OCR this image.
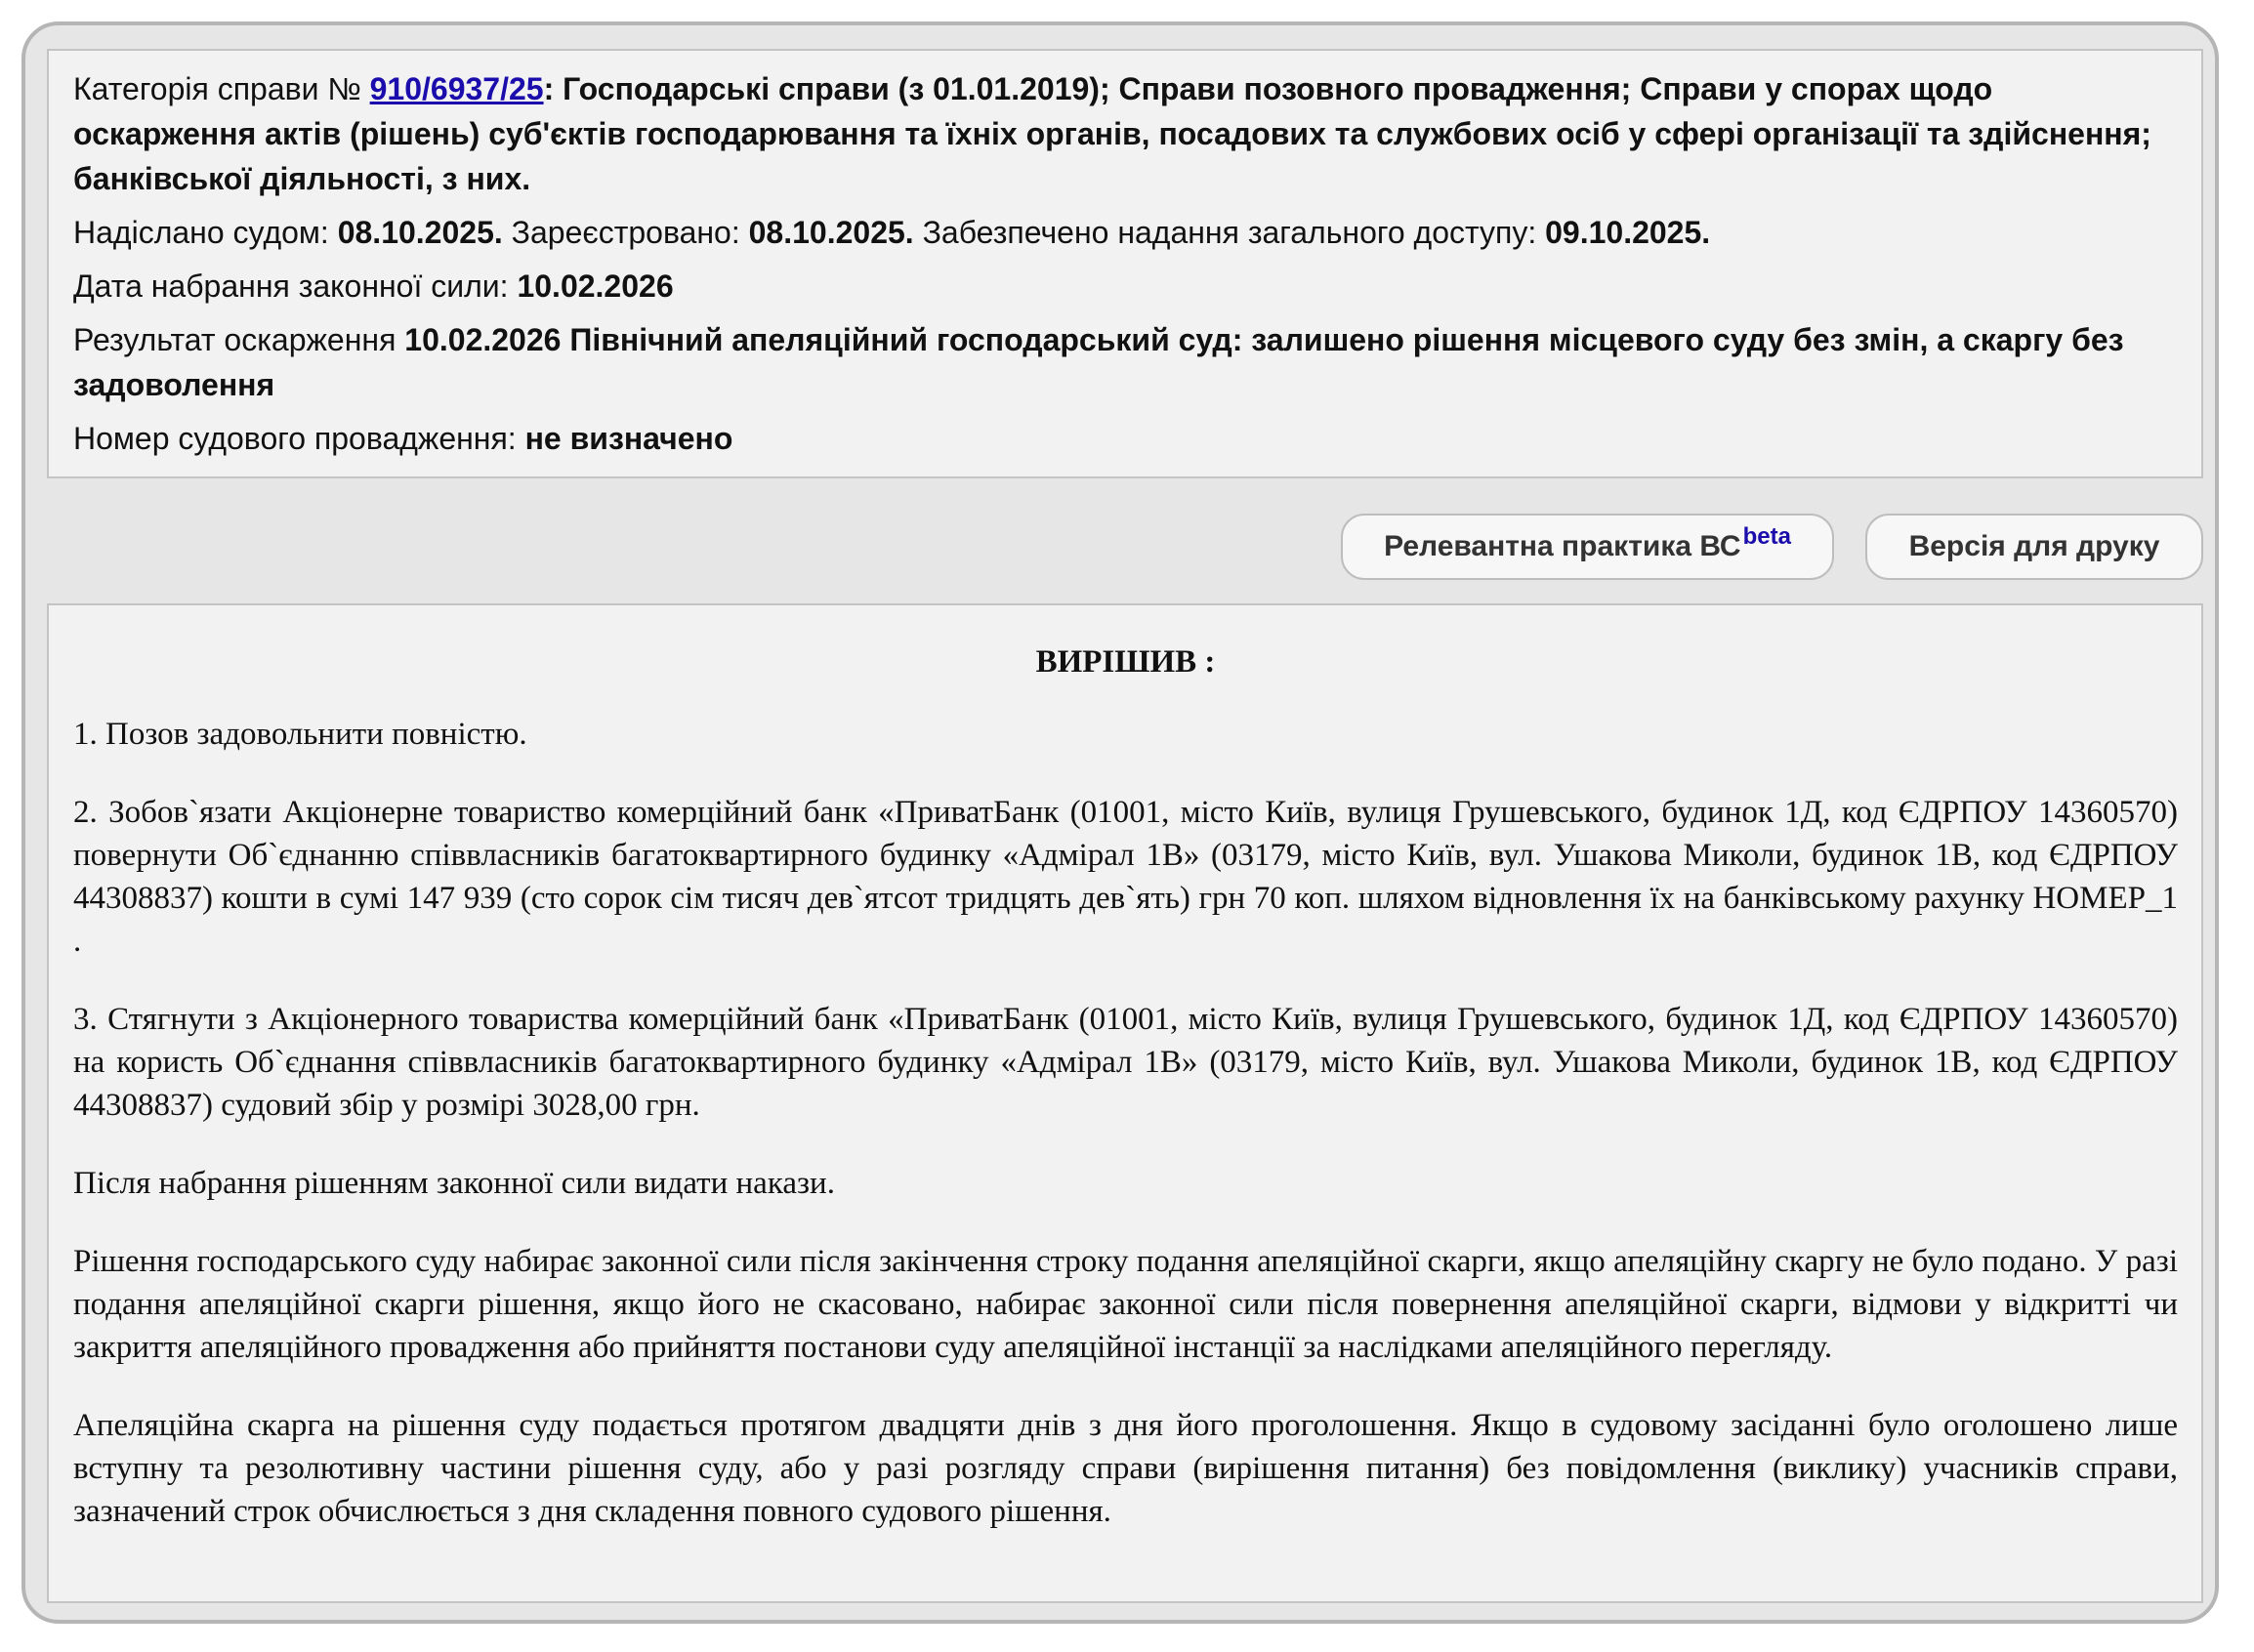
Категорія справи № 910/6937/25: Господарські справи (з 01.01.2019); Справи позовного провадження; Справи у спорах щодо оскарження актів (рішень) суб'єктів господарювання та їхніх органів, посадових та службових осіб у сфері організації та здійснення; банківської діяльності, з них.

Надіслано судом: 08.10.2025. Зареєстровано: 08.10.2025. Забезпечено надання загального доступу: 09.10.2025.

Дата набрання законної сили: 10.02.2026

Результат оскарження 10.02.2026 Північний апеляційний господарський суд: залишено рішення місцевого суду без змін, а скаргу без задоволення

Номер судового провадження: не визначено

Релевантна практика $ВС^{beta}$	Версія для друку

ВИРІШИВ :

1. Позов задовольнити повністю.

2. Зобов`язати Акціонерне товариство комерційний банк «ПриватБанк (01001, місто Київ, вулиця Грушевського, будинок 1Д, код ЄДРПОУ 14360570) повернути Об`єднанню співвласників багатоквартирного будинку «Адмірал 1В» (03179, місто Київ, вул. Ушакова Миколи, будинок 1В, код ЄДРПОУ 44308837) кошти в сумі 147 939 (сто сорок сім тисяч дев`ятсот тридцять дев`ять) грн 70 коп. шляхом відновлення їх на банківському рахунку НОМЕР_1 .

3. Стягнути з Акціонерного товариства комерційний банк «ПриватБанк (01001, місто Київ, вулиця Грушевського, будинок 1Д, код ЄДРПОУ 14360570) на користь Об`єднання співвласників багатоквартирного будинку «Адмірал 1В» (03179, місто Київ, вул. Ушакова Миколи, будинок 1В, код ЄДРПОУ 44308837) судовий збір у розмірі 3028,00 грн.

Після набрання рішенням законної сили видати накази.

Рішення господарського суду набирає законної сили після закінчення строку подання апеляційної скарги, якщо апеляційну скаргу не було подано. У разі подання апеляційної скарги рішення, якщо його не скасовано, набирає законної сили після повернення апеляційної скарги, відмови у відкритті чи закриття апеляційного провадження або прийняття постанови суду апеляційної інстанції за наслідками апеляційного перегляду.

Апеляційна скарга на рішення суду подається протягом двадцяти днів з дня його проголошення. Якщо в судовому засіданні було оголошено лише вступну та резолютивну частини рішення суду, або у разі розгляду справи (вирішення питання) без повідомлення (виклику) учасників справи, зазначений строк обчислюється з дня складення повного судового рішення.
